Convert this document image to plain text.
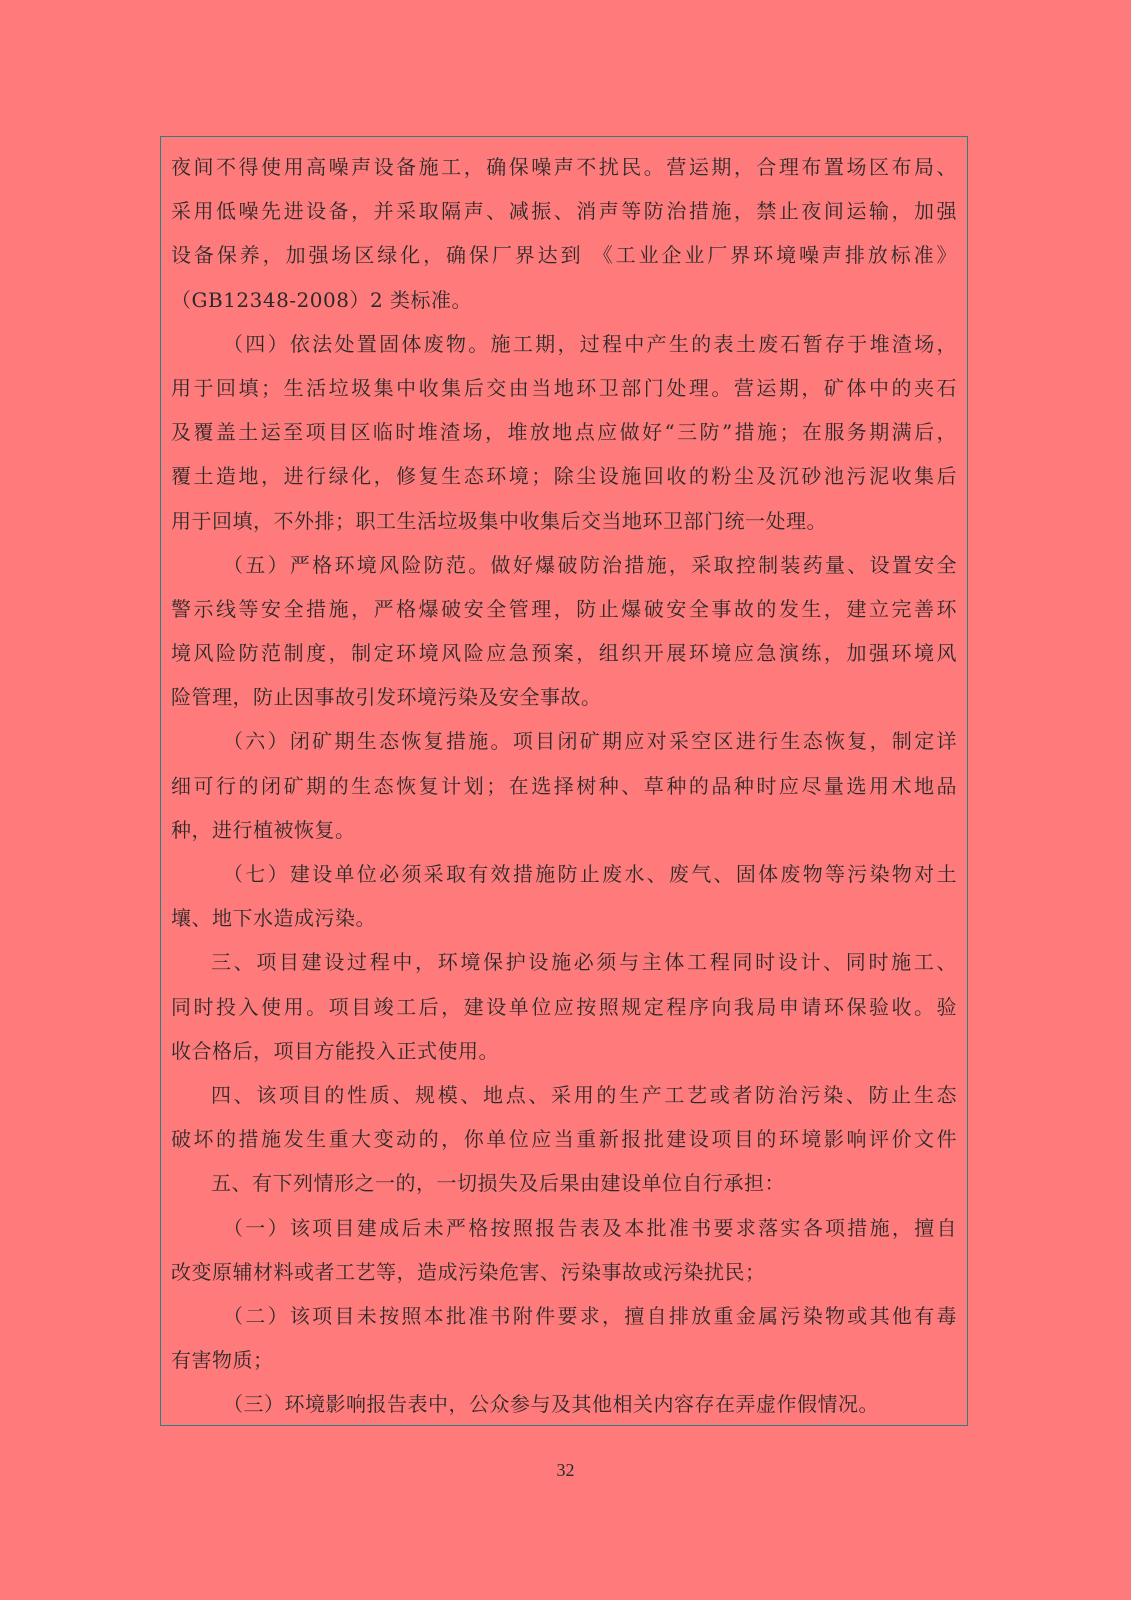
夜间不得使用高噪声设备施工，确保噪声不扰民。营运期，合理布置场区布局、
采用低噪先进设备，并采取隔声、减振、消声等防治措施，禁止夜间运输，加强
设备保养，加强场区绿化，确保厂界达到 《工业企业厂界环境噪声排放标准》
（GB12348-2008）2 类标准。
（四）依法处置固体废物。施工期，过程中产生的表土废石暂存于堆渣场，
用于回填；生活垃圾集中收集后交由当地环卫部门处理。营运期，矿体中的夹石
及覆盖土运至项目区临时堆渣场，堆放地点应做好“三防”措施；在服务期满后，
覆土造地，进行绿化，修复生态环境；除尘设施回收的粉尘及沉砂池污泥收集后
用于回填，不外排；职工生活垃圾集中收集后交当地环卫部门统一处理。
（五）严格环境风险防范。做好爆破防治措施，采取控制装药量、设置安全
警示线等安全措施，严格爆破安全管理，防止爆破安全事故的发生，建立完善环
境风险防范制度，制定环境风险应急预案，组织开展环境应急演练，加强环境风
险管理，防止因事故引发环境污染及安全事故。
（六）闭矿期生态恢复措施。项目闭矿期应对采空区进行生态恢复，制定详
细可行的闭矿期的生态恢复计划；在选择树种、草种的品种时应尽量选用术地品
种，进行植被恢复。
（七）建设单位必须采取有效措施防止废水、废气、固体废物等污染物对土
壤、地下水造成污染。
三、项目建设过程中，环境保护设施必须与主体工程同时设计、同时施工、
同时投入使用。项目竣工后，建设单位应按照规定程序向我局申请环保验收。验
收合格后，项目方能投入正式使用。
四、该项目的性质、规模、地点、采用的生产工艺或者防治污染、防止生态
破坏的措施发生重大变动的，你单位应当重新报批建设项目的环境影响评价文件
五、有下列情形之一的，一切损失及后果由建设单位自行承担：
（一）该项目建成后未严格按照报告表及本批准书要求落实各项措施，擅自
改变原辅材料或者工艺等，造成污染危害、污染事故或污染扰民；
（二）该项目未按照本批准书附件要求，擅自排放重金属污染物或其他有毒
有害物质；
（三）环境影响报告表中，公众参与及其他相关内容存在弄虚作假情况。
32
